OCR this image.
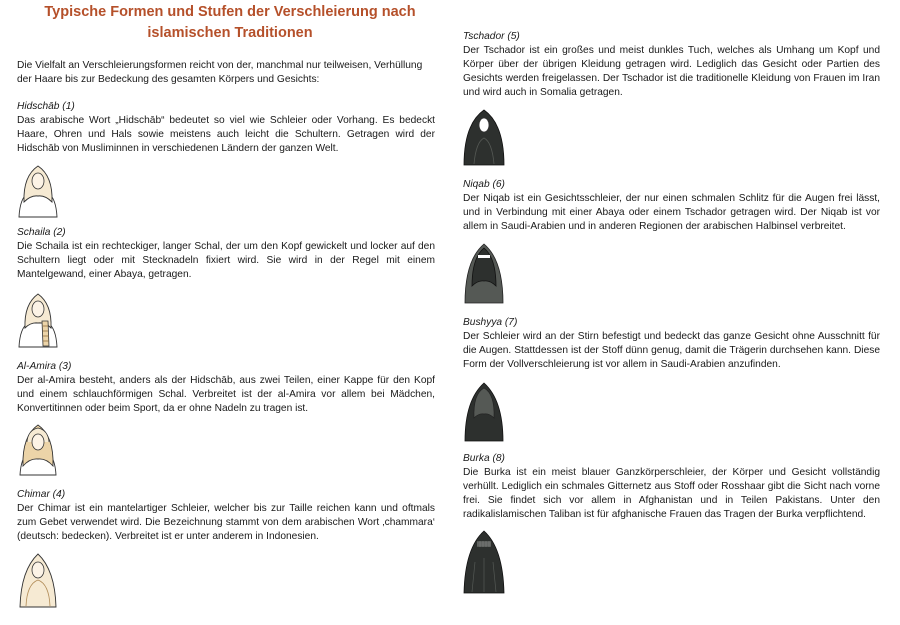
Typische Formen und Stufen der Verschleierung nach
islamischen Traditionen

Die Vielfalt an Verschleierungsformen reicht von der, manchmal nur teilweisen, Verhüllung der Haare bis zur Bedeckung des gesamten Körpers und Gesichts:

Hidschāb (1)

Das arabische Wort „Hidschāb“ bedeutet so viel wie Schleier oder Vorhang. Es bedeckt Haare, Ohren und Hals sowie meistens auch leicht die Schultern. Getragen wird der Hidschāb von Musliminnen in verschiedenen Ländern der ganzen Welt.

Schaila (2)

Die Schaila ist ein rechteckiger, langer Schal, der um den Kopf gewickelt und locker auf den Schultern liegt oder mit Stecknadeln fixiert wird. Sie wird in der Regel mit einem Mantelgewand, einer Abaya, getragen.

Al-Amira (3)

Der al-Amira besteht, anders als der Hidschāb, aus zwei Teilen, einer Kappe für den Kopf und einem schlauchförmigen Schal. Verbreitet ist der al-Amira vor allem bei Mädchen, Konvertitinnen oder beim Sport, da er ohne Nadeln zu tragen ist.

Chimar (4)

Der Chimar ist ein mantelartiger Schleier, welcher bis zur Taille reichen kann und oftmals zum Gebet verwendet wird. Die Bezeichnung stammt von dem arabischen Wort ‚chammara‘ (deutsch: bedecken). Verbreitet ist er unter anderem in Indonesien.

Tschador (5)

Der Tschador ist ein großes und meist dunkles Tuch, welches als Umhang um Kopf und Körper über der übrigen Kleidung getragen wird. Lediglich das Gesicht oder Partien des Gesichts werden freigelassen. Der Tschador ist die traditionelle Kleidung von Frauen im Iran und wird auch in Somalia getragen.

Niqab (6)

Der Niqab ist ein Gesichtsschleier, der nur einen schmalen Schlitz für die Augen frei lässt, und in Verbindung mit einer Abaya oder einem Tschador getragen wird. Der Niqab ist vor allem in Saudi-Arabien und in anderen Regionen der arabischen Halbinsel verbreitet.

Bushyya (7)

Der Schleier wird an der Stirn befestigt und bedeckt das ganze Gesicht ohne Ausschnitt für die Augen. Stattdessen ist der Stoff dünn genug, damit die Trägerin durchsehen kann. Diese Form der Vollverschleierung ist vor allem in Saudi-Arabien anzufinden.

Burka (8)

Die Burka ist ein meist blauer Ganzkörperschleier, der Körper und Gesicht vollständig verhüllt. Lediglich ein schmales Gitternetz aus Stoff oder Rosshaar gibt die Sicht nach vorne frei. Sie findet sich vor allem in Afghanistan und in Teilen Pakistans. Unter den radikalislamischen Taliban ist für afghanische Frauen das Tragen der Burka verpflichtend.
